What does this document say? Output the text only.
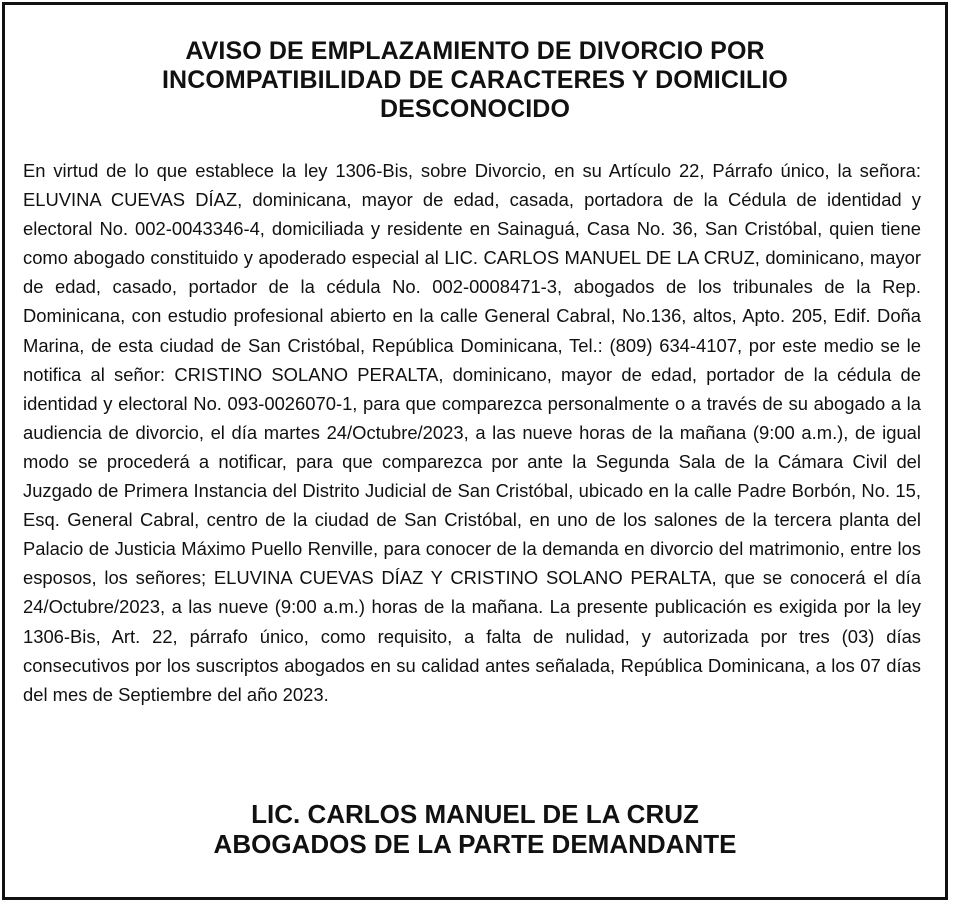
AVISO DE EMPLAZAMIENTO DE DIVORCIO POR
INCOMPATIBILIDAD DE CARACTERES Y DOMICILIO
DESCONOCIDO

En virtud de lo que establece la ley 1306-Bis, sobre Divorcio, en su Artículo 22, Párrafo único, la señora: ELUVINA CUEVAS DÍAZ, dominicana, mayor de edad, casada, portadora de la Cédula de identidad y electoral No. 002-0043346-4, domiciliada y residente en Sainaguá, Casa No. 36, San Cristóbal, quien tiene como abogado constituido y apoderado especial al LIC. CARLOS MANUEL DE LA CRUZ, dominicano, mayor de edad, casado, portador de la cédula No. 002-0008471-3, abogados de los tribunales de la Rep. Dominicana, con estudio profesional abierto en la calle General Cabral, No.136, altos, Apto. 205, Edif. Doña Marina, de esta ciudad de San Cristóbal, República Dominicana, Tel.: (809) 634-4107, por este medio se le notifica al señor: CRISTINO SOLANO PERALTA, dominicano, mayor de edad, portador de la cédula de identidad y electoral No. 093-0026070-1, para que comparezca personalmente o a través de su abogado a la audiencia de divorcio, el día martes 24/Octubre/2023, a las nueve horas de la mañana (9:00 a.m.), de igual modo se procederá a notificar, para que comparezca por ante la Segunda Sala de la Cámara Civil del Juzgado de Primera Instancia del Distrito Judicial de San Cristóbal, ubicado en la calle Padre Borbón, No. 15, Esq. General Cabral, centro de la ciudad de San Cristóbal, en uno de los salones de la tercera planta del Palacio de Justicia Máximo Puello Renville, para conocer de la demanda en divorcio del matrimonio, entre los esposos, los señores; ELUVINA CUEVAS DÍAZ Y CRISTINO SOLANO PERALTA, que se conocerá el día 24/Octubre/2023, a las nueve (9:00 a.m.) horas de la mañana. La presente publicación es exigida por la ley 1306-Bis, Art. 22, párrafo único, como requisito, a falta de nulidad, y autorizada por tres (03) días consecutivos por los suscriptos abogados en su calidad antes señalada, República Dominicana, a los 07 días del mes de Septiembre del año 2023.

LIC. CARLOS MANUEL DE LA CRUZ
ABOGADOS DE LA PARTE DEMANDANTE
